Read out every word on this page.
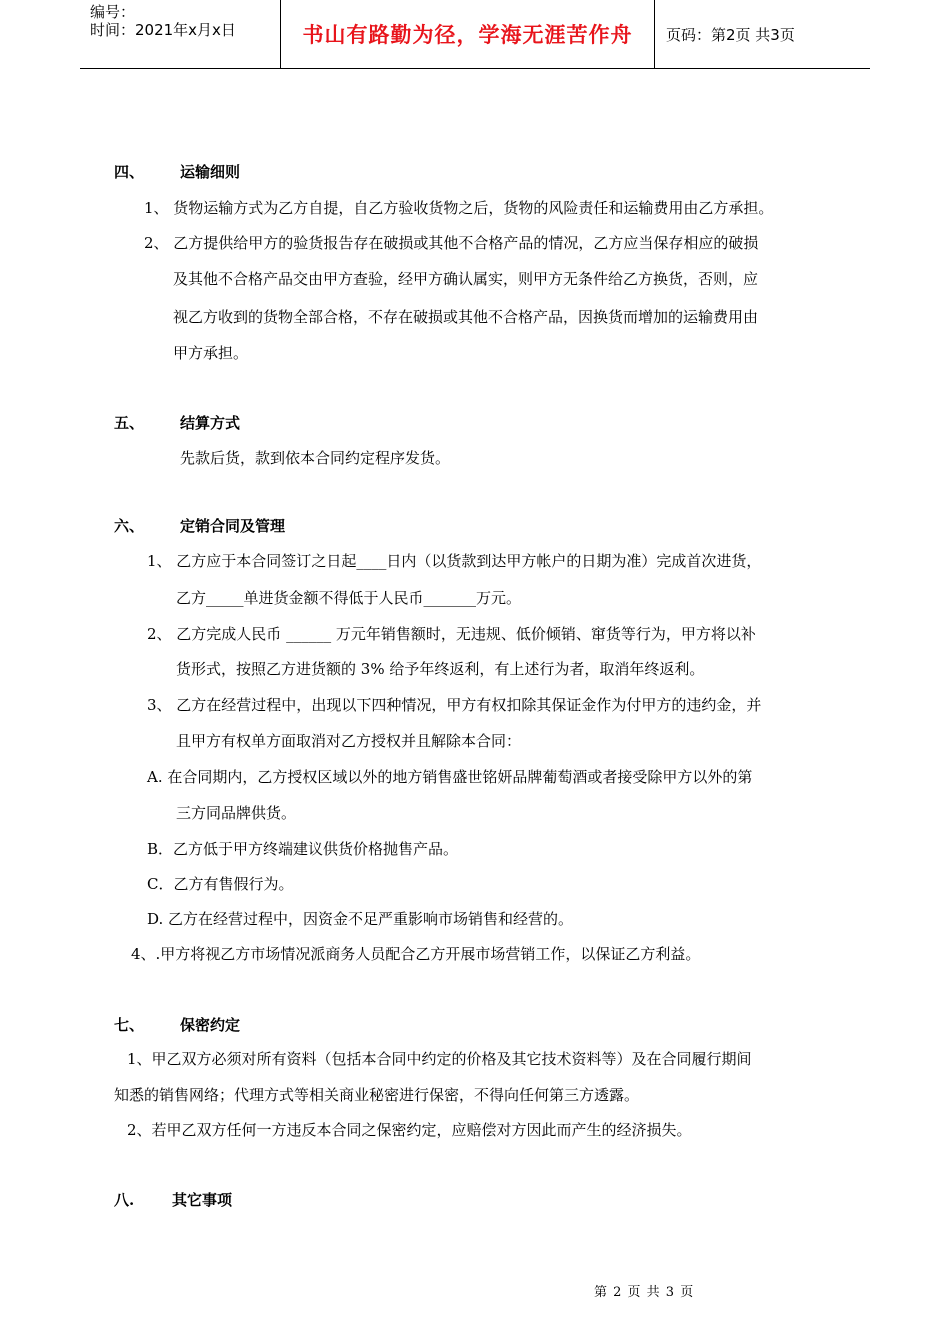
编号：
时间：2021年x月x日	书山有路勤为径，学海无涯苦作舟	页码：第2页 共3页
四、 运输细则
1、 货物运输方式为乙方自提，自乙方验收货物之后，货物的风险责任和运输费用由乙方承担。
2、 乙方提供给甲方的验货报告存在破损或其他不合格产品的情况，乙方应当保存相应的破损
及其他不合格产品交由甲方查验，经甲方确认属实，则甲方无条件给乙方换货，否则，应
视乙方收到的货物全部合格，不存在破损或其他不合格产品，因换货而增加的运输费用由
甲方承担。
五、 结算方式
先款后货，款到依本合同约定程序发货。
六、 定销合同及管理
1、 乙方应于本合同签订之日起____日内（以货款到达甲方帐户的日期为准）完成首次进货，
乙方_____单进货金额不得低于人民币_______万元。
2、 乙方完成人民币 ______ 万元年销售额时，无违规、低价倾销、窜货等行为，甲方将以补
货形式，按照乙方进货额的 3% 给予年终返利，有上述行为者，取消年终返利。
3、 乙方在经营过程中，出现以下四种情况，甲方有权扣除其保证金作为付甲方的违约金，并
且甲方有权单方面取消对乙方授权并且解除本合同：
A. 在合同期内，乙方授权区域以外的地方销售盛世铭妍品牌葡萄酒或者接受除甲方以外的第
三方同品牌供货。
B．乙方低于甲方终端建议供货价格抛售产品。
C．乙方有售假行为。
D. 乙方在经营过程中，因资金不足严重影响市场销售和经营的。
4、.甲方将视乙方市场情况派商务人员配合乙方开展市场营销工作，以保证乙方利益。
七、 保密约定
1、甲乙双方必须对所有资料（包括本合同中约定的价格及其它技术资料等）及在合同履行期间
知悉的销售网络；代理方式等相关商业秘密进行保密，不得向任何第三方透露。
2、若甲乙双方任何一方违反本合同之保密约定，应赔偿对方因此而产生的经济损失。
八.	其它事项
第 2 页 共 3 页
